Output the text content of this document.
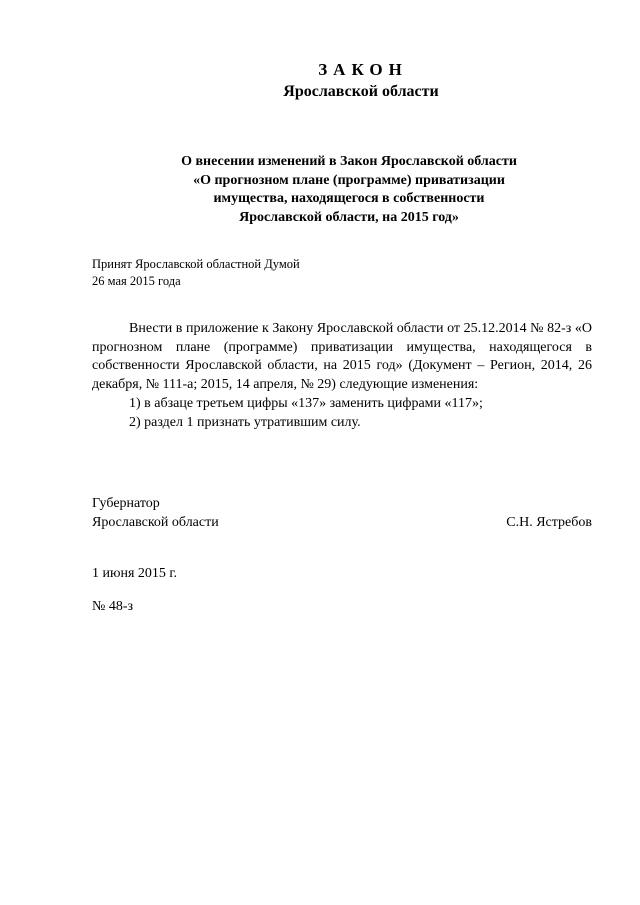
ЗАКОН
Ярославской области
О внесении изменений в Закон Ярославской области
«О прогнозном плане (программе) приватизации
имущества, находящегося в собственности
Ярославской области, на 2015 год»
Принят Ярославской областной Думой
26 мая 2015 года
Внести в приложение к Закону Ярославской области от 25.12.2014 № 82-з «О прогнозном плане (программе) приватизации имущества, находящегося в собственности Ярославской области, на 2015 год» (Документ – Регион, 2014, 26 декабря, № 111-а; 2015, 14 апреля, № 29) следующие изменения:
1) в абзаце третьем цифры «137» заменить цифрами «117»;
2) раздел 1 признать утратившим силу.
Губернатор
Ярославской области	С.Н. Ястребов
1 июня 2015 г.
№ 48-з
